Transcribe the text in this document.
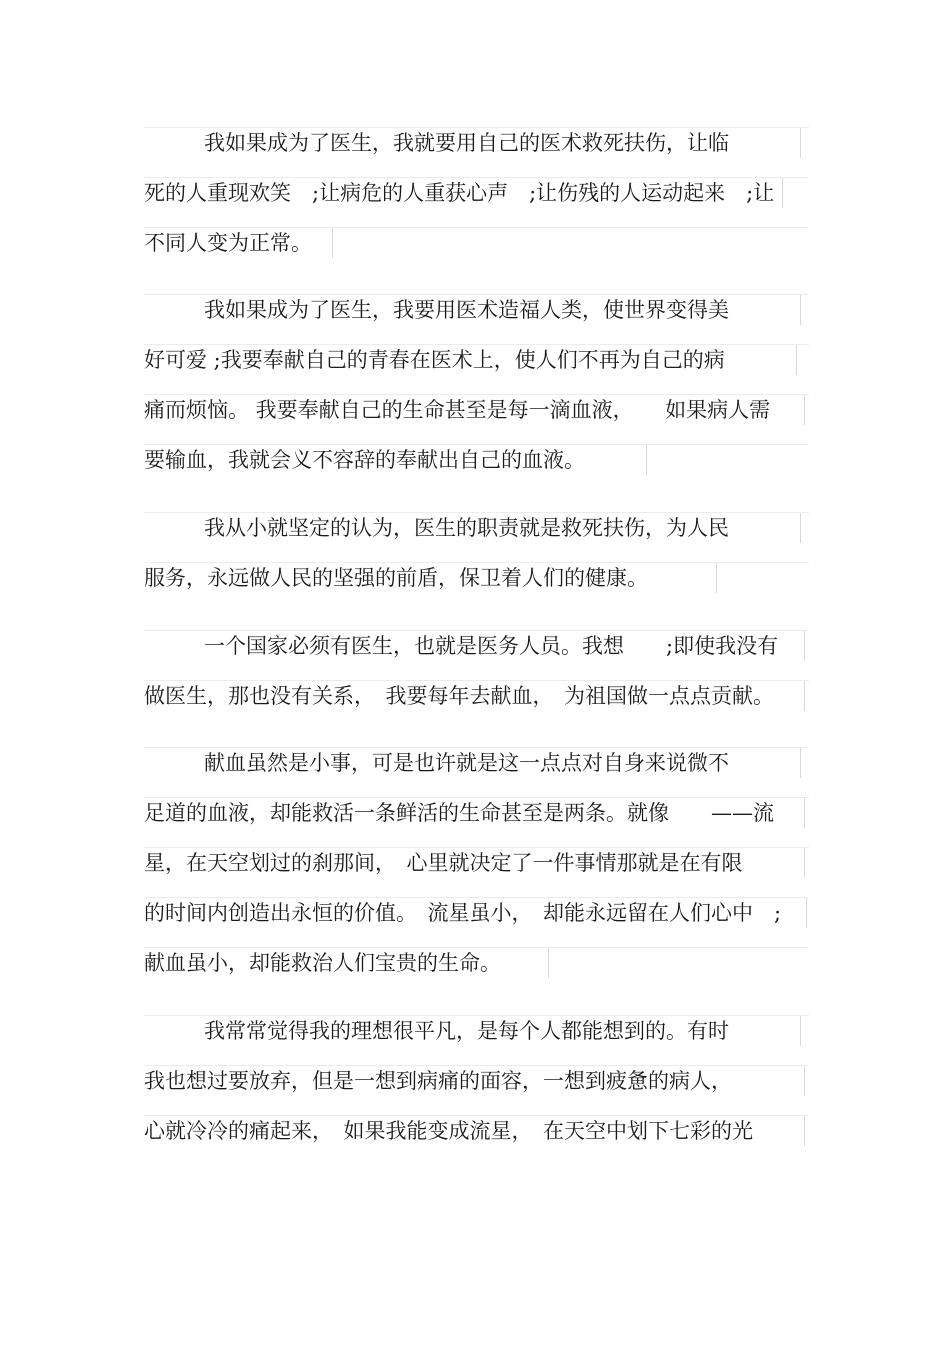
我如果成为了医生，我就要用自己的医术救死扶伤，让临
死的人重现欢笑　;让病危的人重获心声　;让伤残的人运动起来　;让
不同人变为正常。
我如果成为了医生，我要用医术造福人类，使世界变得美
好可爱 ;我要奉献自己的青春在医术上，使人们不再为自己的病
痛而烦恼。 我要奉献自己的生命甚至是每一滴血液，　　如果病人需
要输血，我就会义不容辞的奉献出自己的血液。
我从小就坚定的认为，医生的职责就是救死扶伤，为人民
服务，永远做人民的坚强的前盾，保卫着人们的健康。
一个国家必须有医生，也就是医务人员。我想　　;即使我没有
做医生，那也没有关系，　我要每年去献血，　为祖国做一点点贡献。
献血虽然是小事，可是也许就是这一点点对自身来说微不
足道的血液，却能救活一条鲜活的生命甚至是两条。就像　　——流
星，在天空划过的刹那间，　心里就决定了一件事情那就是在有限
的时间内创造出永恒的价值。　流星虽小，　却能永远留在人们心中　;
献血虽小，却能救治人们宝贵的生命。
我常常觉得我的理想很平凡，是每个人都能想到的。有时
我也想过要放弃，但是一想到病痛的面容，一想到疲惫的病人，
心就冷冷的痛起来，　如果我能变成流星，　在天空中划下七彩的光
